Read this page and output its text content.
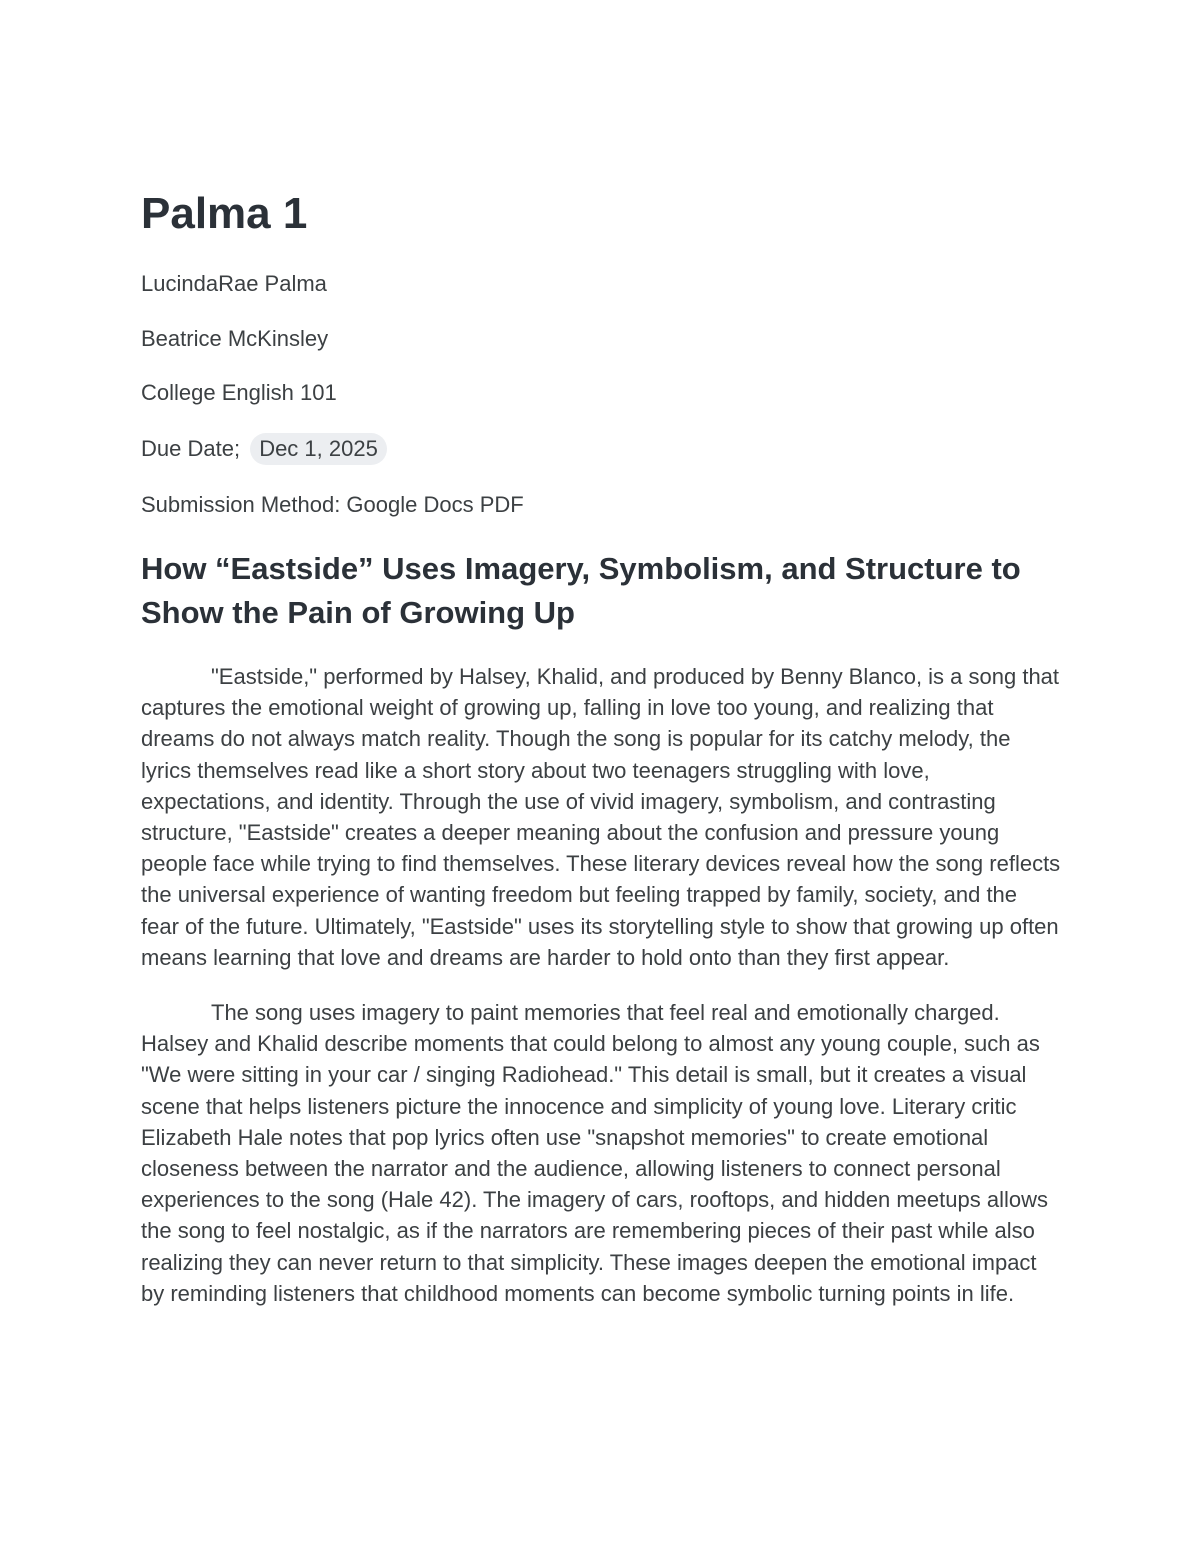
Palma 1

LucindaRae Palma

Beatrice McKinsley

College English 101

Due Date; Dec 1, 2025

Submission Method: Google Docs PDF

How “Eastside” Uses Imagery, Symbolism, and Structure to Show the Pain of Growing Up

"Eastside," performed by Halsey, Khalid, and produced by Benny Blanco, is a song that captures the emotional weight of growing up, falling in love too young, and realizing that dreams do not always match reality. Though the song is popular for its catchy melody, the lyrics themselves read like a short story about two teenagers struggling with love, expectations, and identity. Through the use of vivid imagery, symbolism, and contrasting structure, "Eastside" creates a deeper meaning about the confusion and pressure young people face while trying to find themselves. These literary devices reveal how the song reflects the universal experience of wanting freedom but feeling trapped by family, society, and the fear of the future. Ultimately, "Eastside" uses its storytelling style to show that growing up often means learning that love and dreams are harder to hold onto than they first appear.

The song uses imagery to paint memories that feel real and emotionally charged. Halsey and Khalid describe moments that could belong to almost any young couple, such as "We were sitting in your car / singing Radiohead." This detail is small, but it creates a visual scene that helps listeners picture the innocence and simplicity of young love. Literary critic Elizabeth Hale notes that pop lyrics often use "snapshot memories" to create emotional closeness between the narrator and the audience, allowing listeners to connect personal experiences to the song (Hale 42). The imagery of cars, rooftops, and hidden meetups allows the song to feel nostalgic, as if the narrators are remembering pieces of their past while also realizing they can never return to that simplicity. These images deepen the emotional impact by reminding listeners that childhood moments can become symbolic turning points in life.
